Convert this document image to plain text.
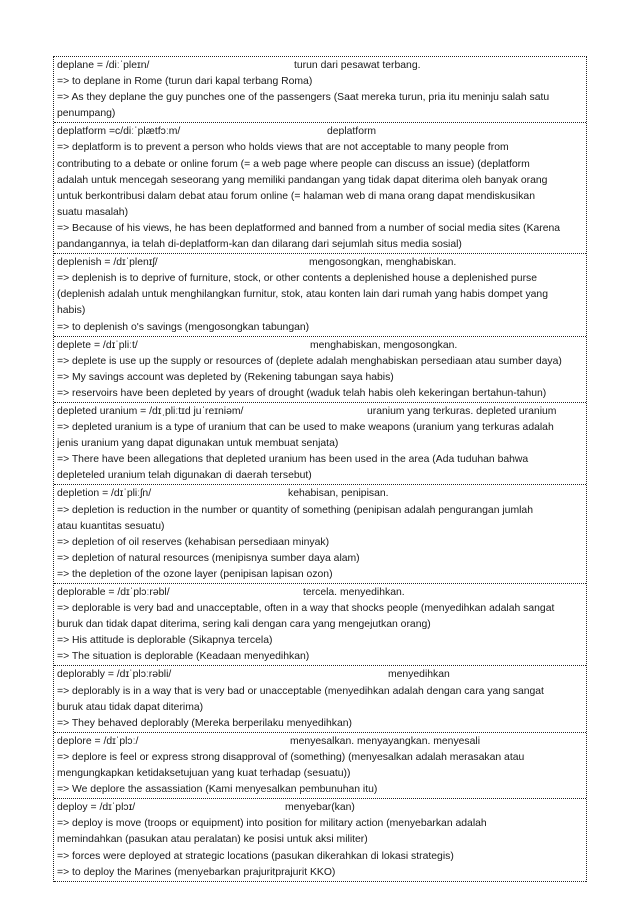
deplane = /diːˈpleɪn/	turun dari pesawat terbang.
=> to deplane in Rome (turun dari kapal terbang Roma)
=> As they deplane the guy punches one of the passengers (Saat mereka turun, pria itu meninju salah satu
penumpang)
deplatform =c/diːˈplætfɔːm/	deplatform
=> deplatform is to prevent a person who holds views that are not acceptable to many people from
contributing to a debate or online forum (= a web page where people can discuss an issue) (deplatform
adalah untuk mencegah seseorang yang memiliki pandangan yang tidak dapat diterima oleh banyak orang
untuk berkontribusi dalam debat atau forum online (= halaman web di mana orang dapat mendiskusikan
suatu masalah)
=> Because of his views, he has been deplatformed and banned from a number of social media sites (Karena
pandangannya, ia telah di-deplatform-kan dan dilarang dari sejumlah situs media sosial)
deplenish = /dɪˈplenɪʃ/	mengosongkan, menghabiskan.
=> deplenish is to deprive of furniture, stock, or other contents a deplenished house a deplenished purse
(deplenish adalah untuk menghilangkan furnitur, stok, atau konten lain dari rumah yang habis dompet yang
habis)
=> to deplenish o's savings (mengosongkan tabungan)
deplete = /dɪˈpliːt/	menghabiskan, mengosongkan.
=> deplete is use up the supply or resources of (deplete adalah menghabiskan persediaan atau sumber daya)
=> My savings account was depleted by (Rekening tabungan saya habis)
=> reservoirs have been depleted by years of drought (waduk telah habis oleh kekeringan bertahun-tahun)
depleted uranium = /dɪˌpliːtɪd juˈreɪniəm/	uranium yang terkuras. depleted uranium
=> depleted uranium is a type of uranium that can be used to make weapons (uranium yang terkuras adalah
jenis uranium yang dapat digunakan untuk membuat senjata)
=> There have been allegations that depleted uranium has been used in the area (Ada tuduhan bahwa
depleteled uranium telah digunakan di daerah tersebut)
depletion = /dɪˈpliːʃn/	kehabisan, penipisan.
=> depletion is reduction in the number or quantity of something (penipisan adalah pengurangan jumlah
atau kuantitas sesuatu)
=> depletion of oil reserves (kehabisan persediaan minyak)
=> depletion of natural resources (menipisnya sumber daya alam)
=> the depletion of the ozone layer (penipisan lapisan ozon)
deplorable = /dɪˈplɔːrəbl/	tercela. menyedihkan.
=> deplorable is very bad and unacceptable, often in a way that shocks people (menyedihkan adalah sangat
buruk dan tidak dapat diterima, sering kali dengan cara yang mengejutkan orang)
=> His attitude is deplorable (Sikapnya tercela)
=> The situation is deplorable (Keadaan menyedihkan)
deplorably = /dɪˈplɔːrəbli/	menyedihkan
=> deplorably is in a way that is very bad or unacceptable (menyedihkan adalah dengan cara yang sangat
buruk atau tidak dapat diterima)
=> They behaved deplorably (Mereka berperilaku menyedihkan)
deplore = /dɪˈplɔː/	menyesalkan. menyayangkan. menyesali
=> deplore is feel or express strong disapproval of (something) (menyesalkan adalah merasakan atau
mengungkapkan ketidaksetujuan yang kuat terhadap (sesuatu))
=> We deplore the assassiation (Kami menyesalkan pembunuhan itu)
deploy = /dɪˈplɔɪ/	menyebar(kan)
=> deploy is move (troops or equipment) into position for military action (menyebarkan adalah
memindahkan (pasukan atau peralatan) ke posisi untuk aksi militer)
=> forces were deployed at strategic locations (pasukan dikerahkan di lokasi strategis)
=> to deploy the Marines (menyebarkan prajuritprajurit KKO)
